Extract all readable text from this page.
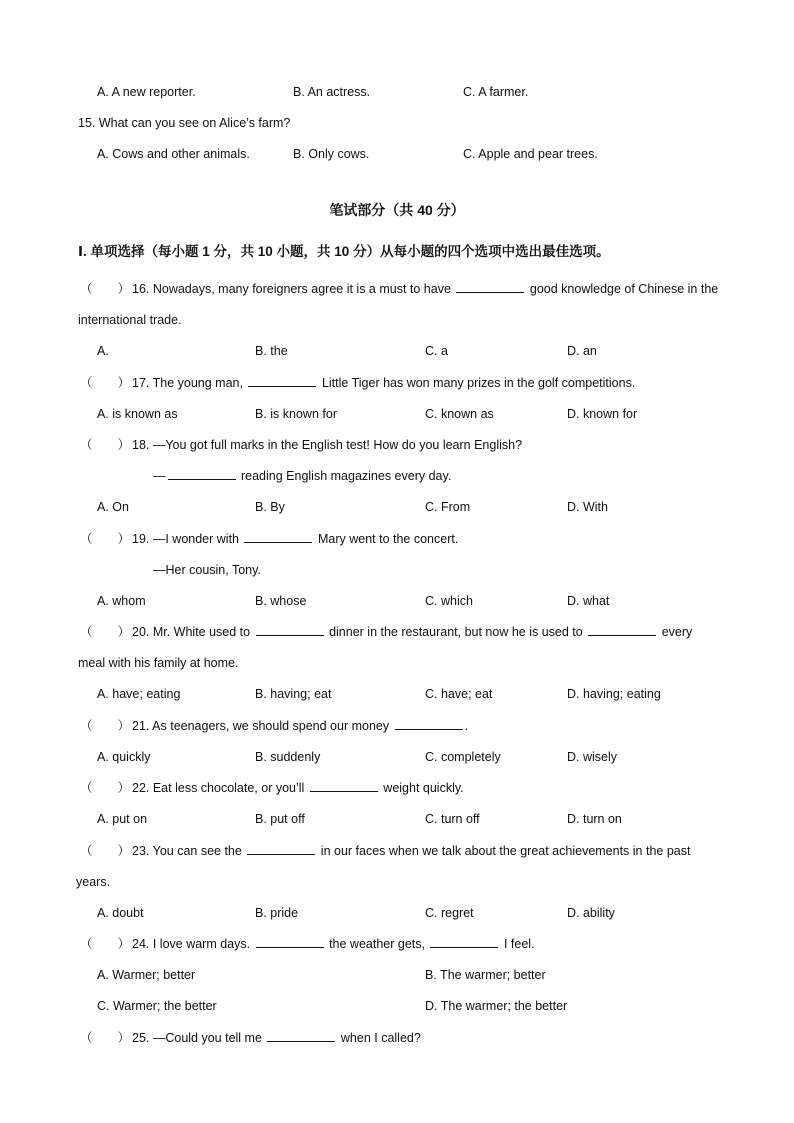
A. A new reporter.	B. An actress.	C. A farmer.
15. What can you see on Alice’s farm?
A. Cows and other animals.	B. Only cows.	C. Apple and pear trees.
笔试部分（共 40 分）
Ⅰ. 单项选择（每小题 1 分，共 10 小题，共 10 分）从每小题的四个选项中选出最佳选项。
（　　） 16. Nowadays, many foreigners agree it is a must to have	good knowledge of Chinese in the
international trade.
A.	B. the	C. a	D. an
（　　） 17. The young man,	Little Tiger has won many prizes in the golf competitions.
A. is known as	B. is known for	C. known as	D. known for
（　　） 18. —You got full marks in the English test! How do you learn English?
—	reading English magazines every day.
A. On	B. By	C. From	D. With
（　　） 19. —I wonder with	Mary went to the concert.
—Her cousin, Tony.
A. whom	B. whose	C. which	D. what
（　　） 20. Mr. White used to	dinner in the restaurant, but now he is used to	every
meal with his family at home.
A. have; eating	B. having; eat	C. have; eat	D. having; eating
（　　） 21. As teenagers, we should spend our money	.
A. quickly	B. suddenly	C. completely	D. wisely
（　　） 22. Eat less chocolate, or you’ll	weight quickly.
A. put on	B. put off	C. turn off	D. turn on
（　　） 23. You can see the	in our faces when we talk about the great achievements in the past
years.
A. doubt	B. pride	C. regret	D. ability
（　　） 24. I love warm days.	the weather gets,	I feel.
A. Warmer; better	B. The warmer; better
C. Warmer; the better	D. The warmer; the better
（　　） 25. —Could you tell me	when I called?
